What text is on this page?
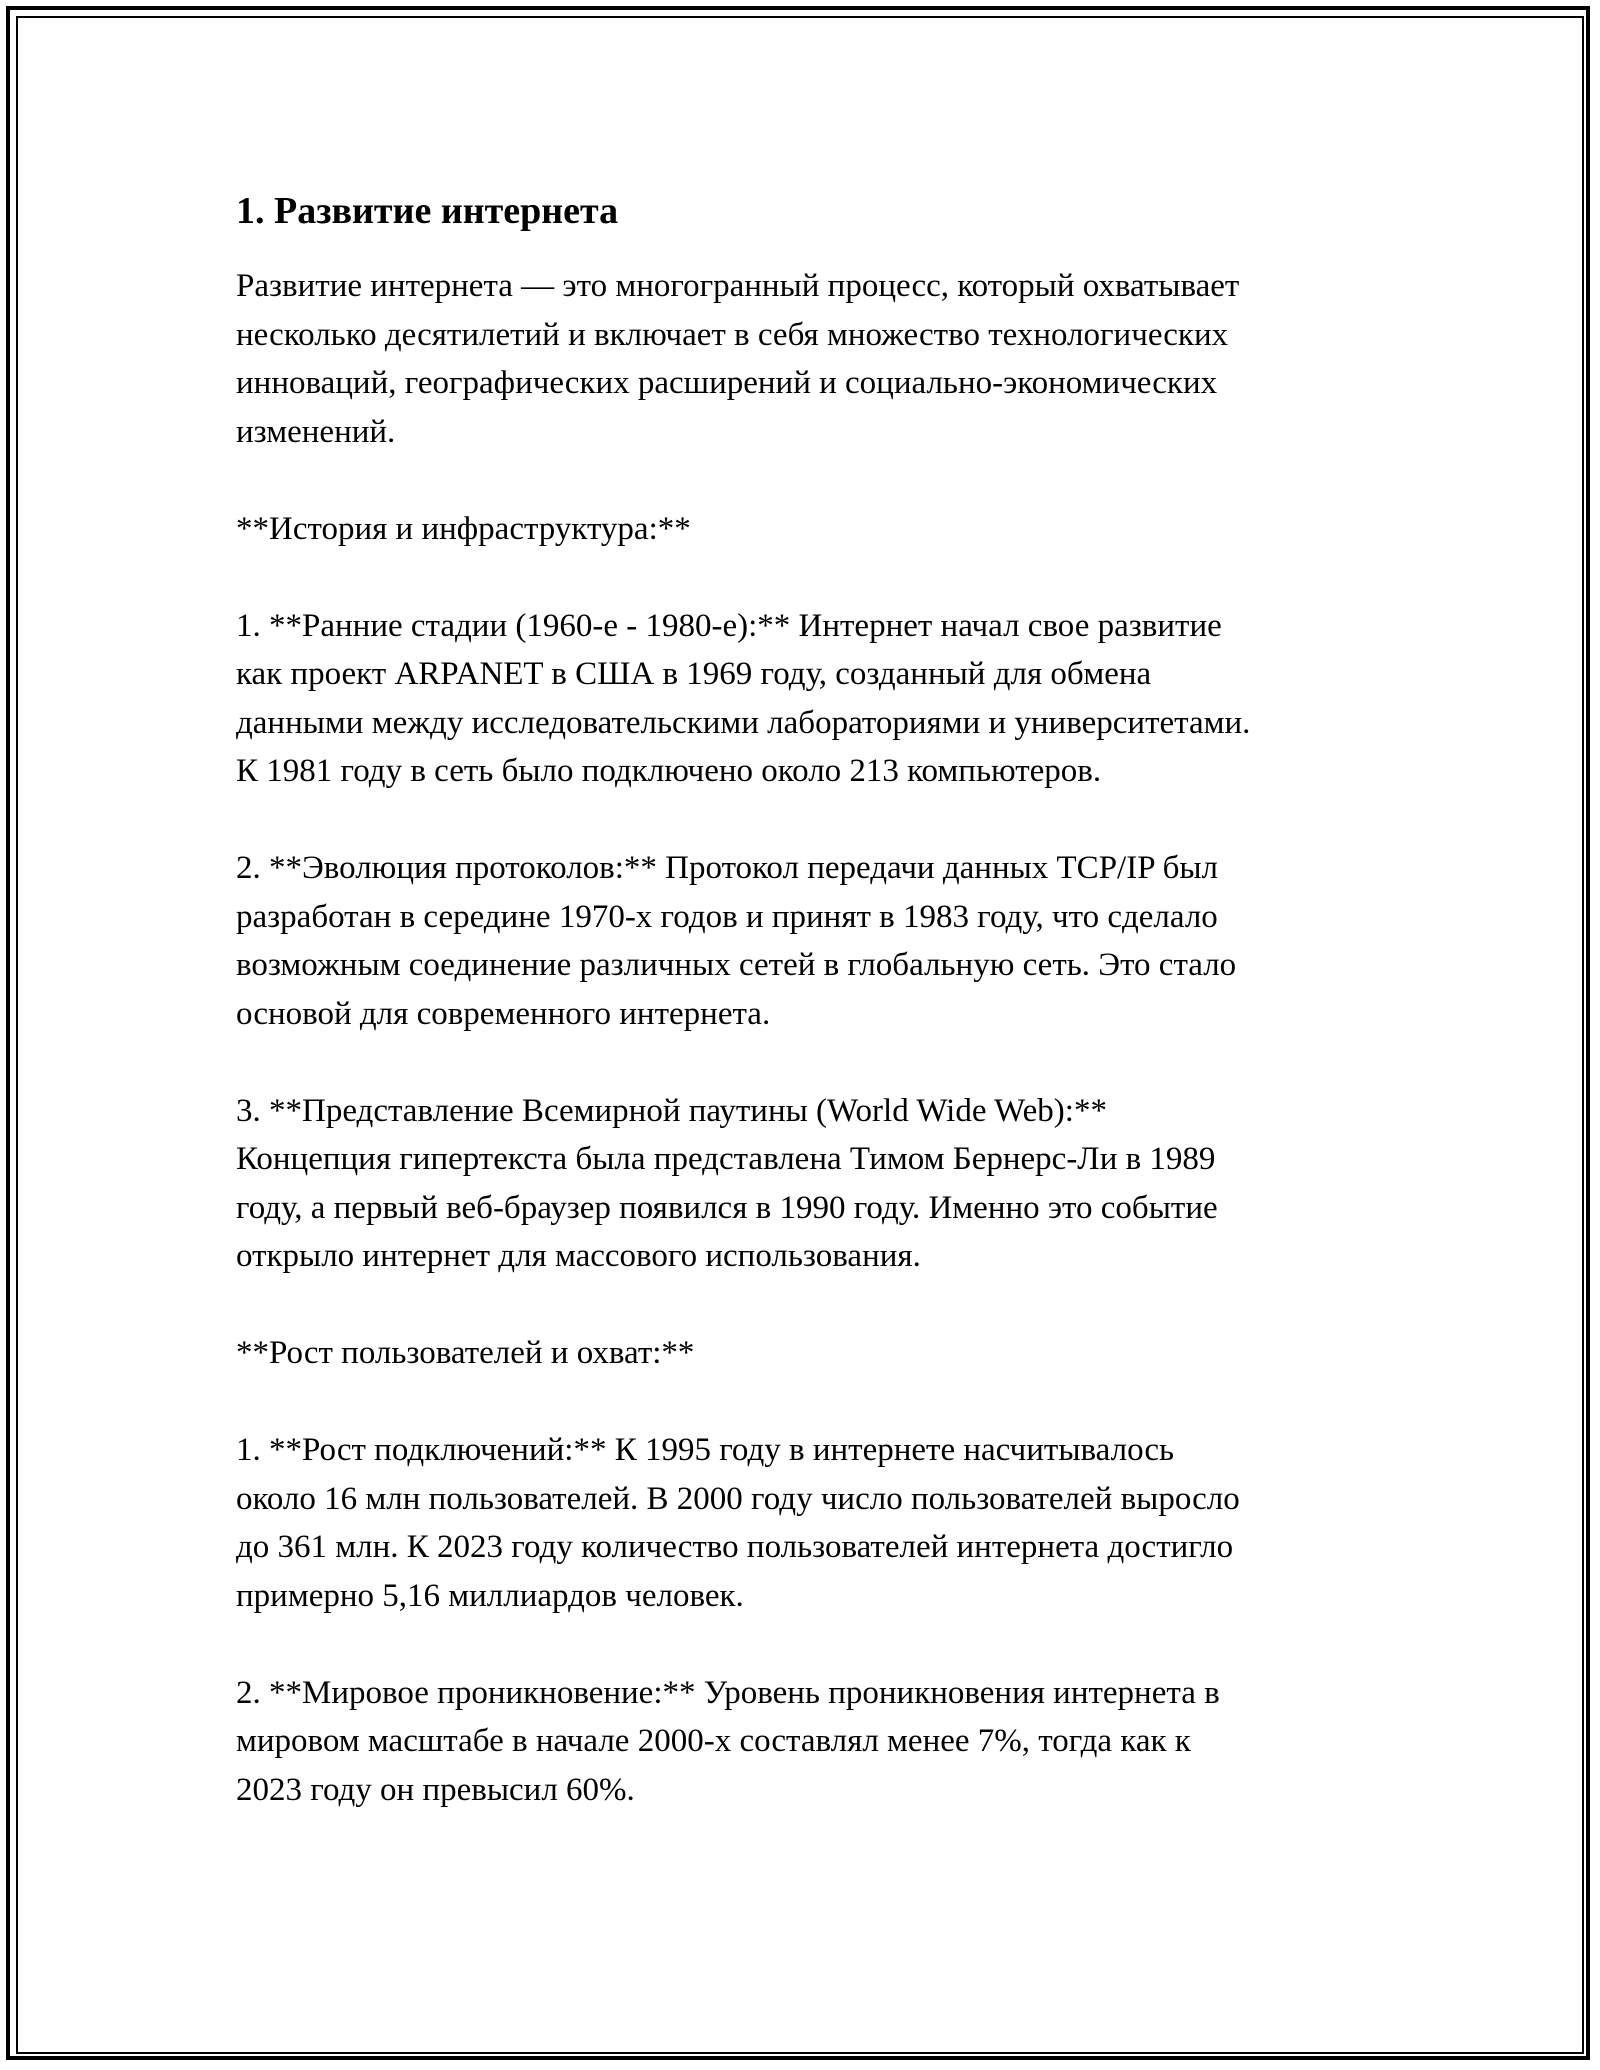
1. Развитие интернета

Развитие интернета — это многогранный процесс, который охватывает
несколько десятилетий и включает в себя множество технологических
инноваций, географических расширений и социально-экономических
изменений.

**История и инфраструктура:**

1. **Ранние стадии (1960-е - 1980-е):** Интернет начал свое развитие
как проект ARPANET в США в 1969 году, созданный для обмена
данными между исследовательскими лабораториями и университетами.
К 1981 году в сеть было подключено около 213 компьютеров.

2. **Эволюция протоколов:** Протокол передачи данных TCP/IP был
разработан в середине 1970-х годов и принят в 1983 году, что сделало
возможным соединение различных сетей в глобальную сеть. Это стало
основой для современного интернета.

3. **Представление Всемирной паутины (World Wide Web):**
Концепция гипертекста была представлена Тимом Бернерс-Ли в 1989
году, а первый веб-браузер появился в 1990 году. Именно это событие
открыло интернет для массового использования.

**Рост пользователей и охват:**

1. **Рост подключений:** К 1995 году в интернете насчитывалось
около 16 млн пользователей. В 2000 году число пользователей выросло
до 361 млн. К 2023 году количество пользователей интернета достигло
примерно 5,16 миллиардов человек.

2. **Мировое проникновение:** Уровень проникновения интернета в
мировом масштабе в начале 2000-х составлял менее 7%, тогда как к
2023 году он превысил 60%.
